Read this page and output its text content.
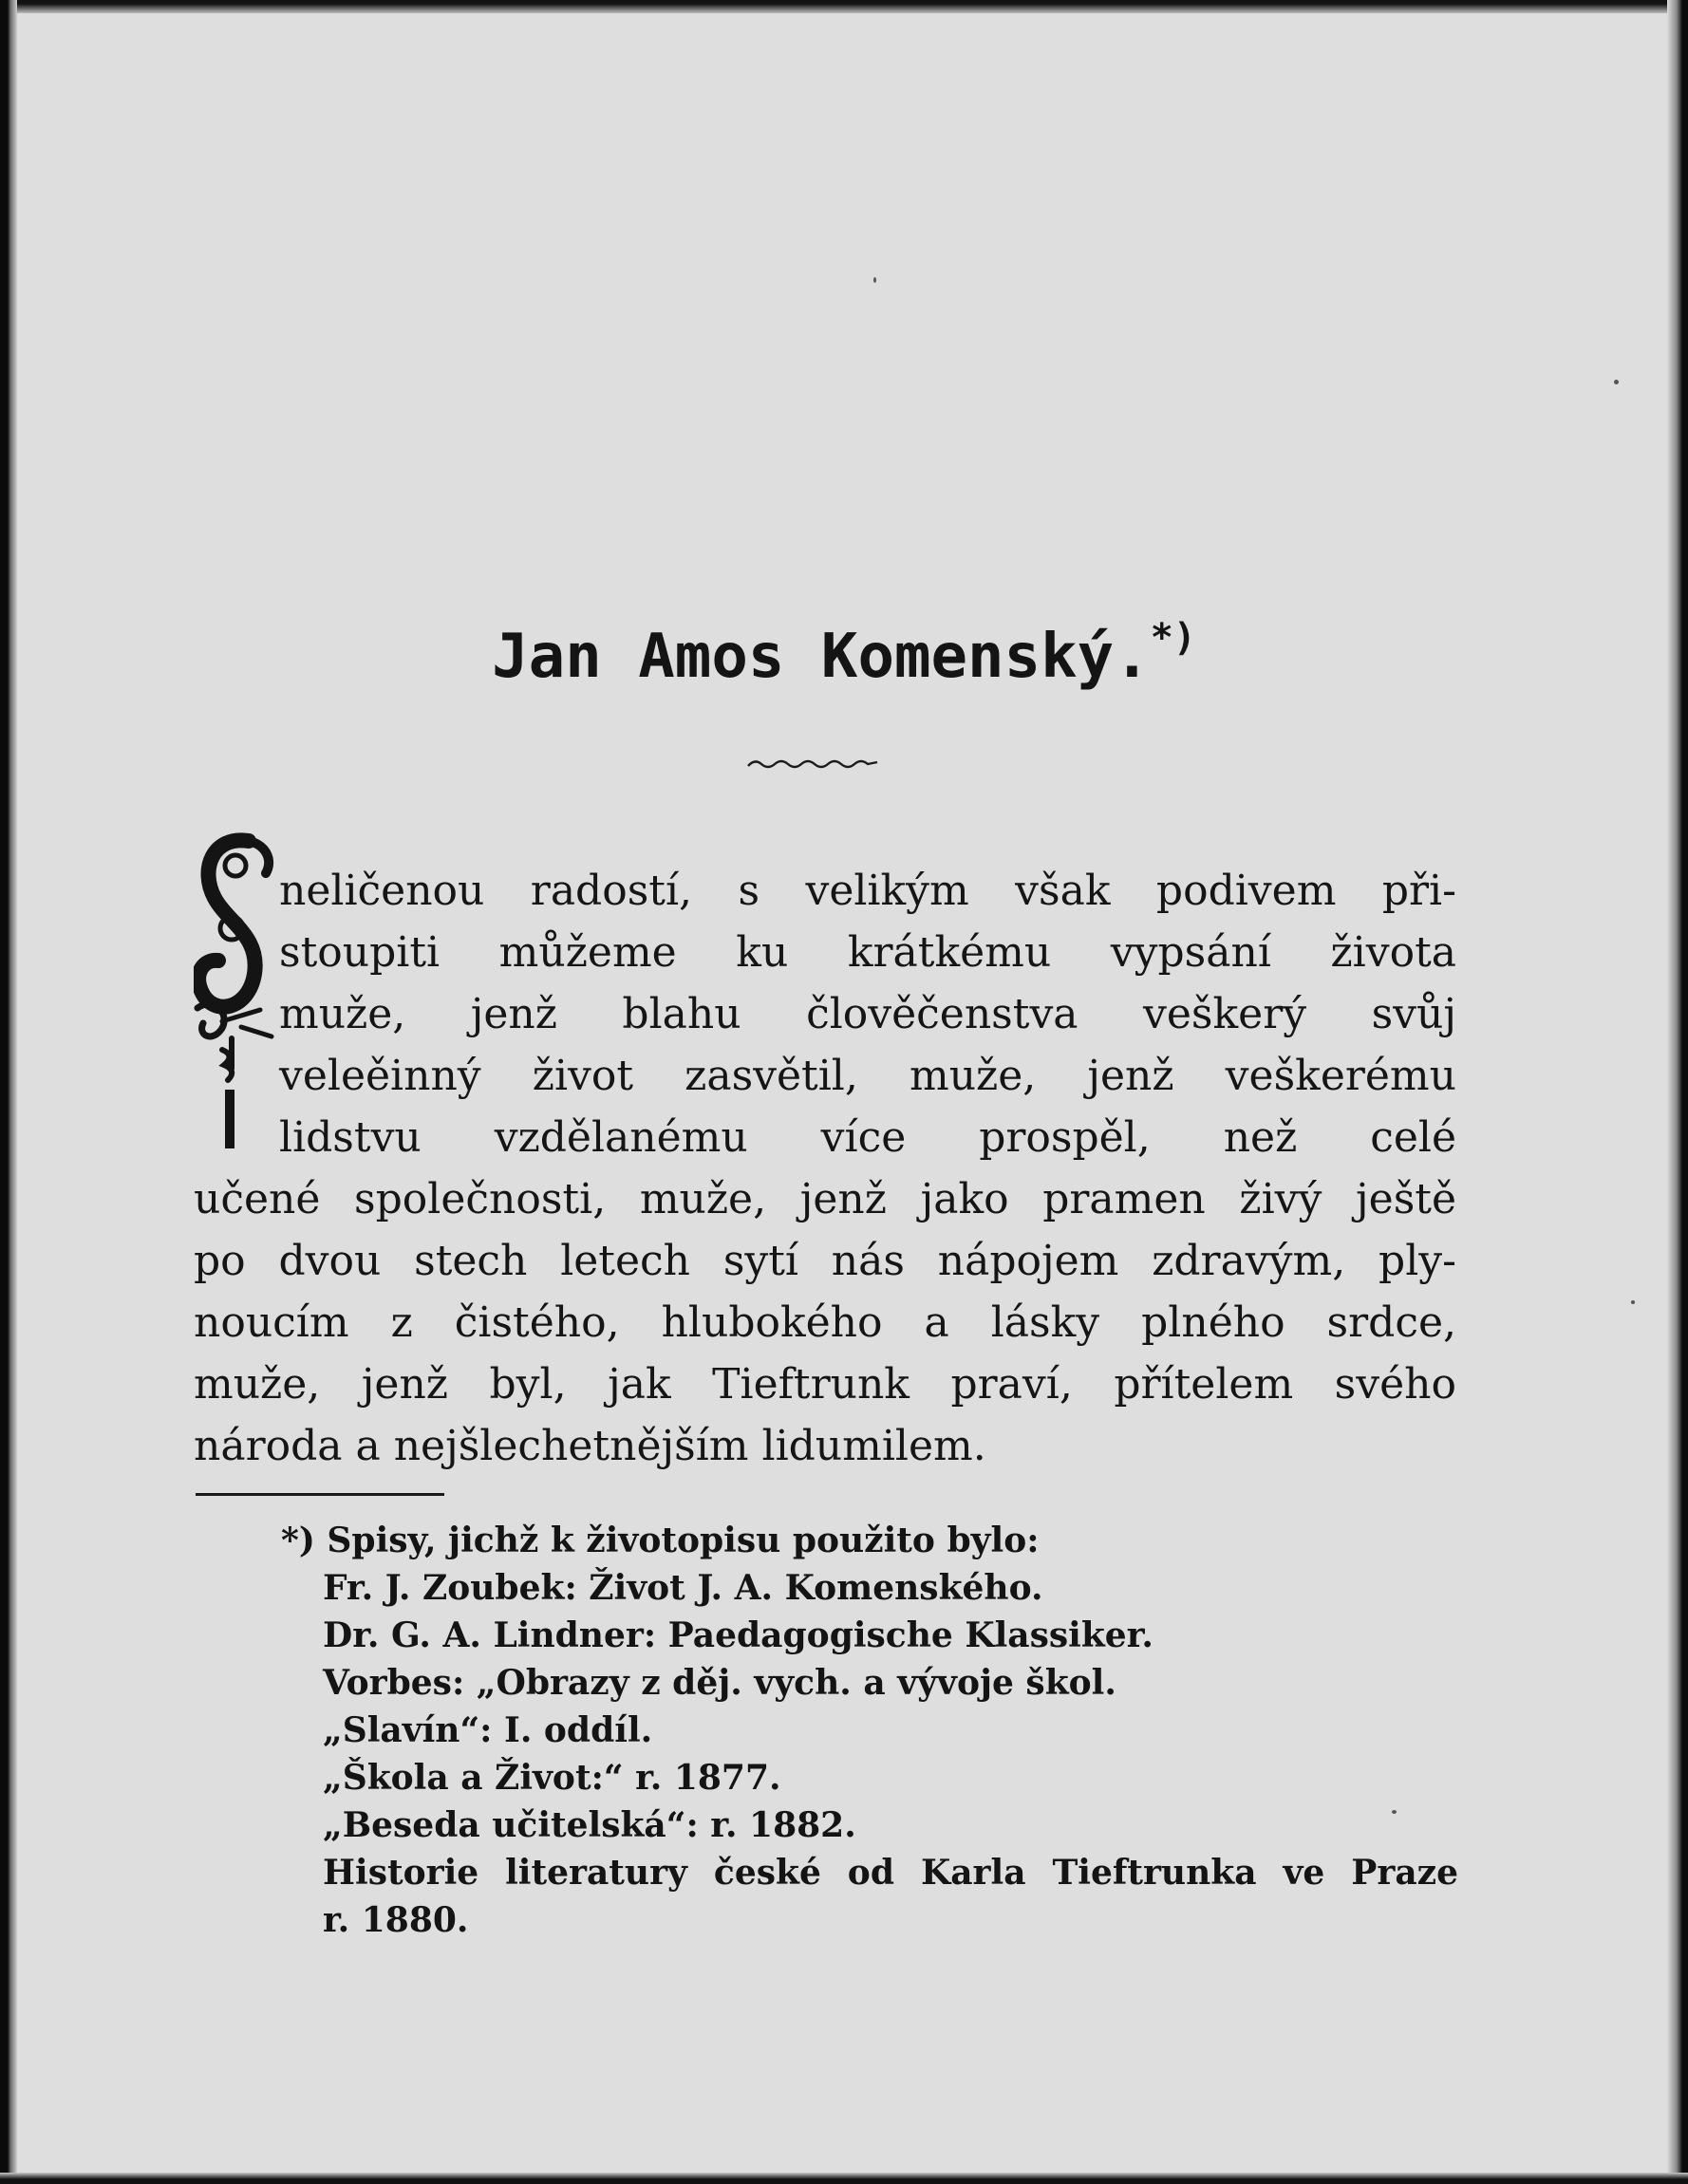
Jan Amos Komenský.*)
neličenou radostí, s velikým však podivem při-
stoupiti můžeme ku krátkému vypsání života
muže, jenž blahu člověčenstva veškerý svůj
veleěinný život zasvětil, muže, jenž veškerému
lidstvu vzdělanému více prospěl, než celé
učené společnosti, muže, jenž jako pramen živý ještě
po dvou stech letech sytí nás nápojem zdravým, ply-
noucím z čistého, hlubokého a lásky plného srdce,
muže, jenž byl, jak Tieftrunk praví, přítelem svého
národa a nejšlechetnějším lidumilem.
*) Spisy, jichž k životopisu použito bylo:
Fr. J. Zoubek: Život J. A. Komenského.
Dr. G. A. Lindner: Paedagogische Klassiker.
Vorbes: „Obrazy z děj. vych. a vývoje škol.
„Slavín“: I. oddíl.
„Škola a Život:“ r. 1877.
„Beseda učitelská“: r. 1882.
Historie literatury české od Karla Tieftrunka ve Praze
r. 1880.
